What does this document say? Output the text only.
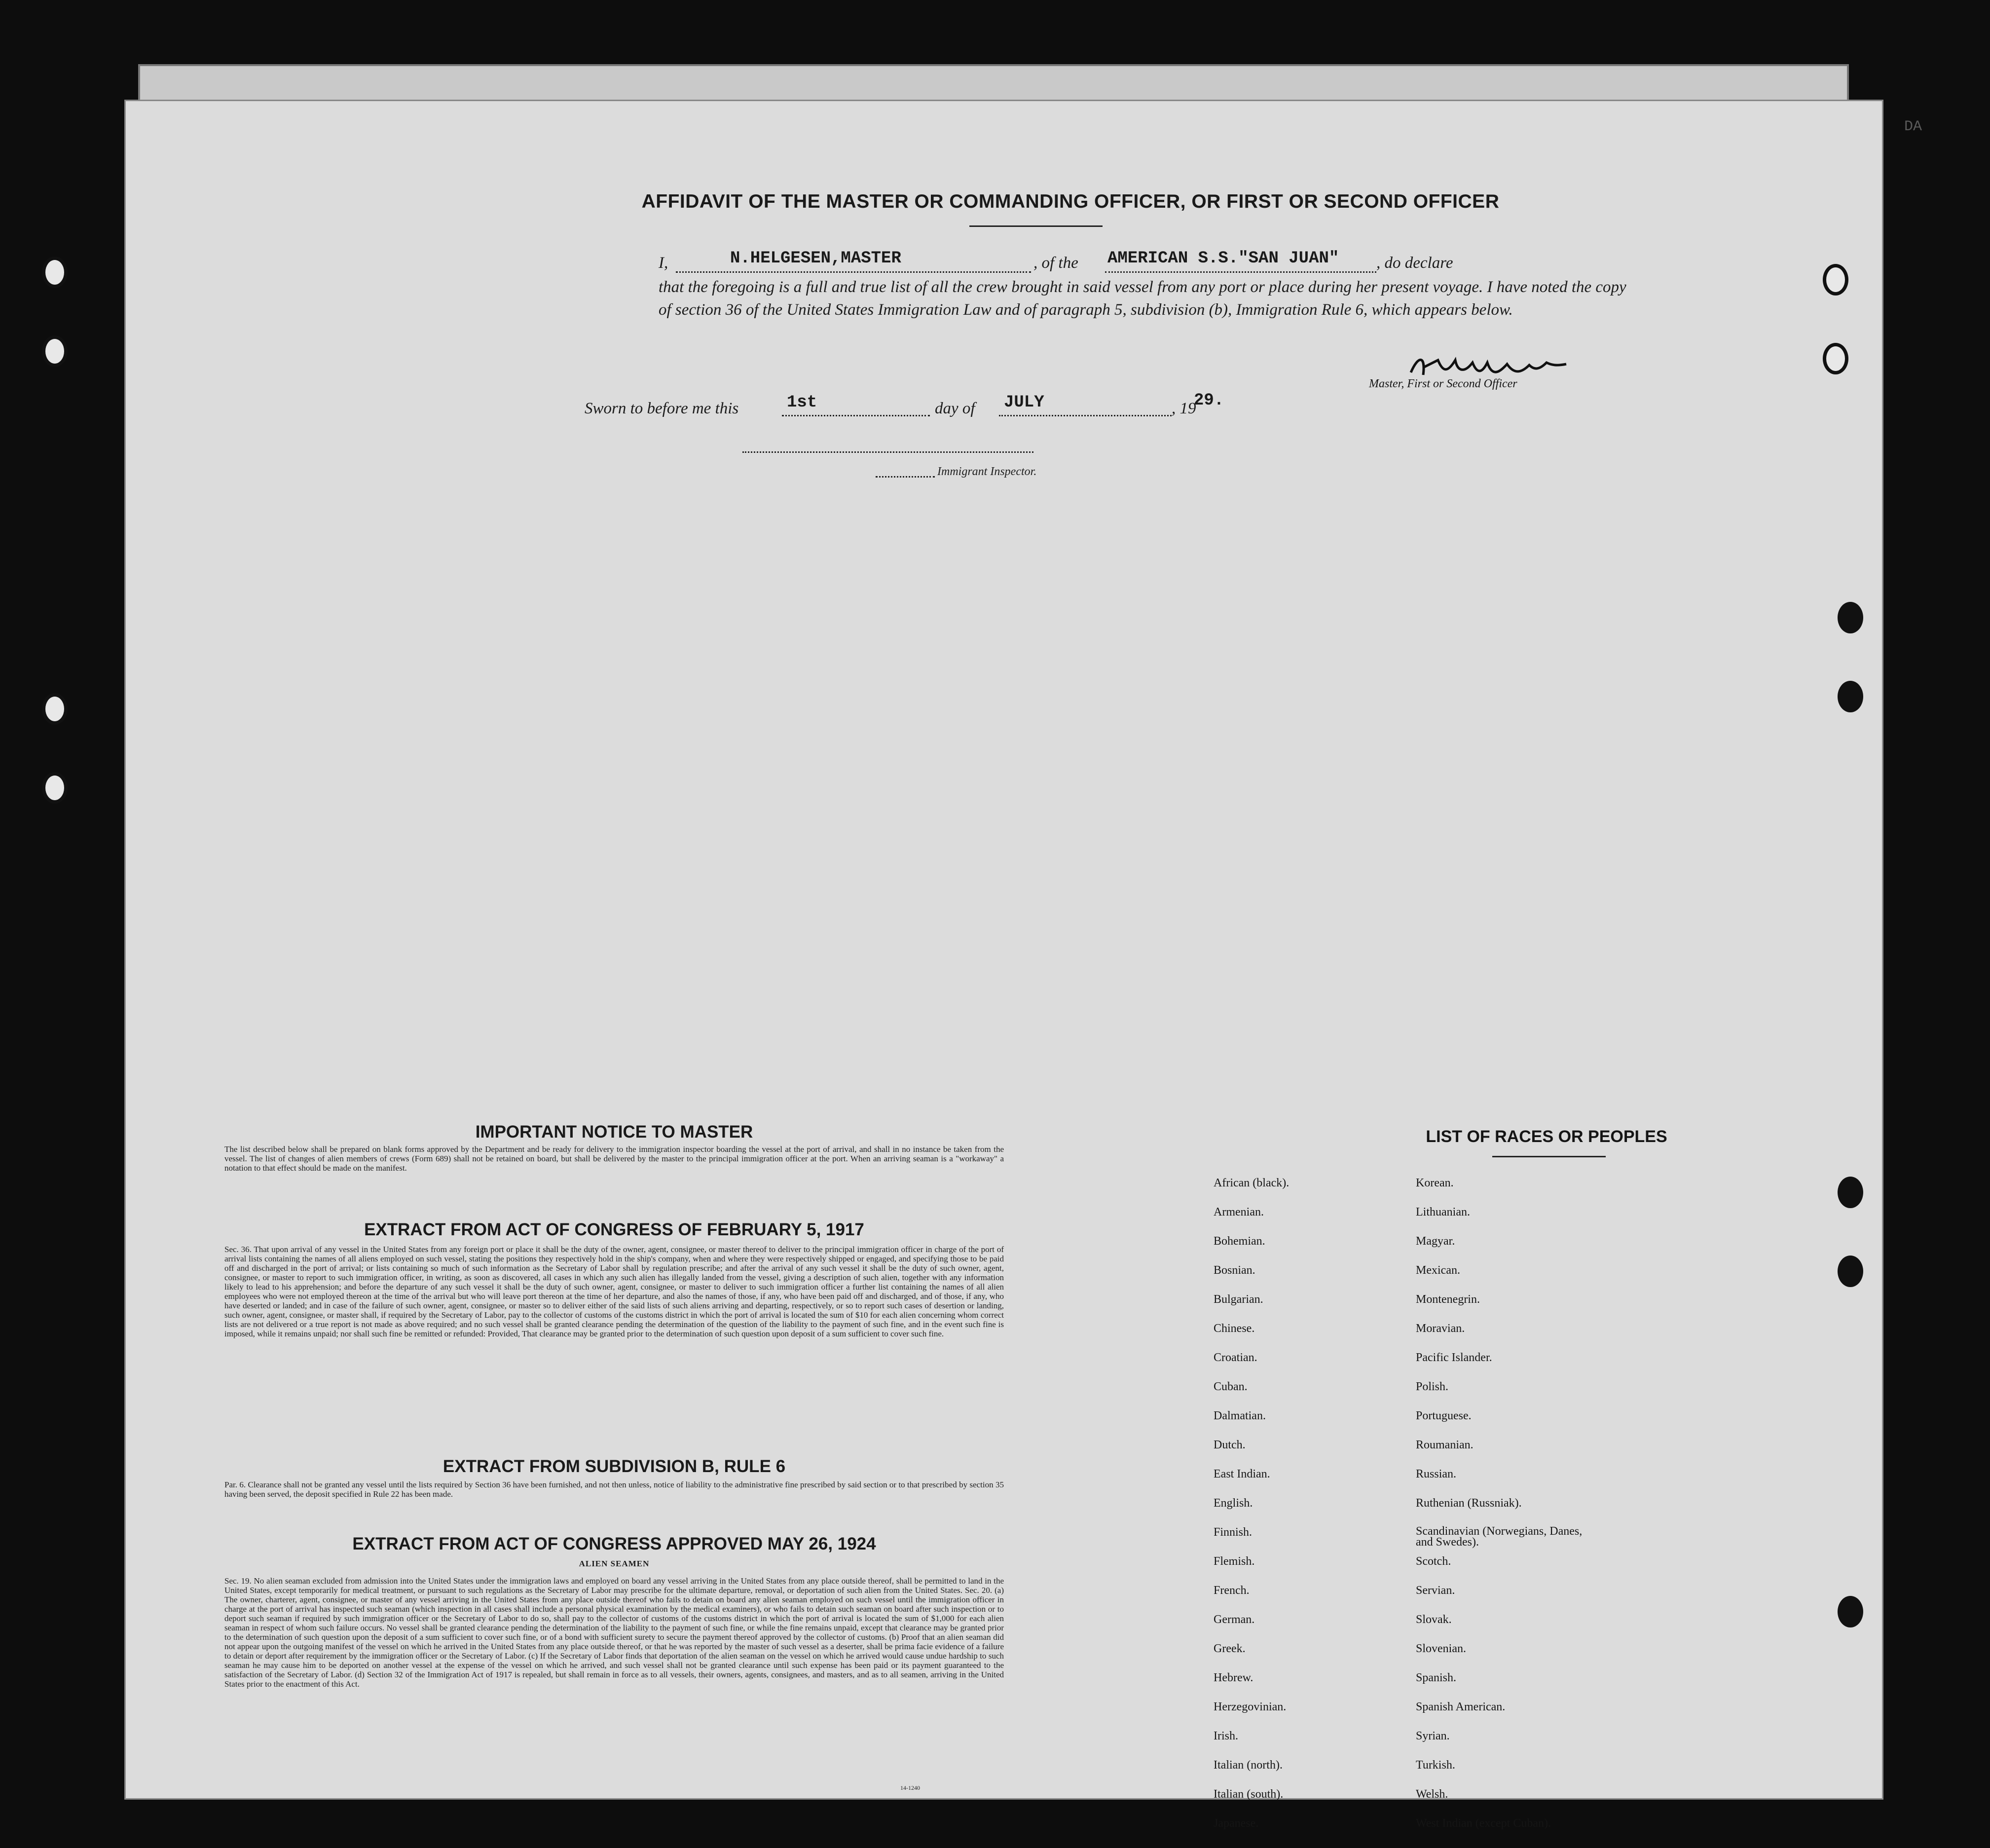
DA
AFFIDAVIT OF THE MASTER OR COMMANDING OFFICER, OR FIRST OR SECOND OFFICER
I,	N.HELGESEN,MASTER	, of the	AMERICAN S.S."SAN JUAN" , do declare
that the foregoing is a full and true list of all the crew brought in said vessel from any port or place during her present voyage. I have noted the copy of section 36 of the United States Immigration Law and of paragraph 5, subdivision (b), Immigration Rule 6, which appears below.
Master, First or Second Officer
Sworn to before me this	1st	day of	JULY	, 19
29.
Immigrant Inspector.
IMPORTANT NOTICE TO MASTER
The list described below shall be prepared on blank forms approved by the Department and be ready for delivery to the immigration inspector boarding the vessel at the port of arrival, and shall in no instance be taken from the vessel. The list of changes of alien members of crews (Form 689) shall not be retained on board, but shall be delivered by the master to the principal immigration officer at the port. When an arriving seaman is a "workaway" a notation to that effect should be made on the manifest.
EXTRACT FROM ACT OF CONGRESS OF FEBRUARY 5, 1917
Sec. 36. That upon arrival of any vessel in the United States from any foreign port or place it shall be the duty of the owner, agent, consignee, or master thereof to deliver to the principal immigration officer in charge of the port of arrival lists containing the names of all aliens employed on such vessel, stating the positions they respectively hold in the ship's company, when and where they were respectively shipped or engaged, and specifying those to be paid off and discharged in the port of arrival; or lists containing so much of such information as the Secretary of Labor shall by regulation prescribe; and after the arrival of any such vessel it shall be the duty of such owner, agent, consignee, or master to report to such immigration officer, in writing, as soon as discovered, all cases in which any such alien has illegally landed from the vessel, giving a description of such alien, together with any information likely to lead to his apprehension; and before the departure of any such vessel it shall be the duty of such owner, agent, consignee, or master to deliver to such immigration officer a further list containing the names of all alien employees who were not employed thereon at the time of the arrival but who will leave port thereon at the time of her departure, and also the names of those, if any, who have been paid off and discharged, and of those, if any, who have deserted or landed; and in case of the failure of such owner, agent, consignee, or master so to deliver either of the said lists of such aliens arriving and departing, respectively, or so to report such cases of desertion or landing, such owner, agent, consignee, or master shall, if required by the Secretary of Labor, pay to the collector of customs of the customs district in which the port of arrival is located the sum of $10 for each alien concerning whom correct lists are not delivered or a true report is not made as above required; and no such vessel shall be granted clearance pending the determination of the question of the liability to the payment of such fine, and in the event such fine is imposed, while it remains unpaid; nor shall such fine be remitted or refunded: Provided, That clearance may be granted prior to the determination of such question upon deposit of a sum sufficient to cover such fine.
EXTRACT FROM SUBDIVISION B, RULE 6
Par. 6. Clearance shall not be granted any vessel until the lists required by Section 36 have been furnished, and not then unless, notice of liability to the administrative fine prescribed by said section or to that prescribed by section 35 having been served, the deposit specified in Rule 22 has been made.
EXTRACT FROM ACT OF CONGRESS APPROVED MAY 26, 1924
ALIEN SEAMEN
Sec. 19. No alien seaman excluded from admission into the United States under the immigration laws and employed on board any vessel arriving in the United States from any place outside thereof, shall be permitted to land in the United States, except temporarily for medical treatment, or pursuant to such regulations as the Secretary of Labor may prescribe for the ultimate departure, removal, or deportation of such alien from the United States. Sec. 20. (a) The owner, charterer, agent, consignee, or master of any vessel arriving in the United States from any place outside thereof who fails to detain on board any alien seaman employed on such vessel until the immigration officer in charge at the port of arrival has inspected such seaman (which inspection in all cases shall include a personal physical examination by the medical examiners), or who fails to detain such seaman on board after such inspection or to deport such seaman if required by such immigration officer or the Secretary of Labor to do so, shall pay to the collector of customs of the customs district in which the port of arrival is located the sum of $1,000 for each alien seaman in respect of whom such failure occurs. No vessel shall be granted clearance pending the determination of the liability to the payment of such fine, or while the fine remains unpaid, except that clearance may be granted prior to the determination of such question upon the deposit of a sum sufficient to cover such fine, or of a bond with sufficient surety to secure the payment thereof approved by the collector of customs. (b) Proof that an alien seaman did not appear upon the outgoing manifest of the vessel on which he arrived in the United States from any place outside thereof, or that he was reported by the master of such vessel as a deserter, shall be prima facie evidence of a failure to detain or deport after requirement by the immigration officer or the Secretary of Labor. (c) If the Secretary of Labor finds that deportation of the alien seaman on the vessel on which he arrived would cause undue hardship to such seaman he may cause him to be deported on another vessel at the expense of the vessel on which he arrived, and such vessel shall not be granted clearance until such expense has been paid or its payment guaranteed to the satisfaction of the Secretary of Labor. (d) Section 32 of the Immigration Act of 1917 is repealed, but shall remain in force as to all vessels, their owners, agents, consignees, and masters, and as to all seamen, arriving in the United States prior to the enactment of this Act.
14-1240
LIST OF RACES OR PEOPLES
African (black).
Armenian.
Bohemian.
Bosnian.
Bulgarian.
Chinese.
Croatian.
Cuban.
Dalmatian.
Dutch.
East Indian.
English.
Finnish.
Flemish.
French.
German.
Greek.
Hebrew.
Herzegovinian.
Irish.
Italian (north).
Italian (south).
Japanese.
Korean.
Lithuanian.
Magyar.
Mexican.
Montenegrin.
Moravian.
Pacific Islander.
Polish.
Portuguese.
Roumanian.
Russian.
Ruthenian (Russniak).
Scandinavian (Norwegians, Danes, and Swedes).
Scotch.
Servian.
Slovak.
Slovenian.
Spanish.
Spanish American.
Syrian.
Turkish.
Welsh.
West Indian (except Cuban).
